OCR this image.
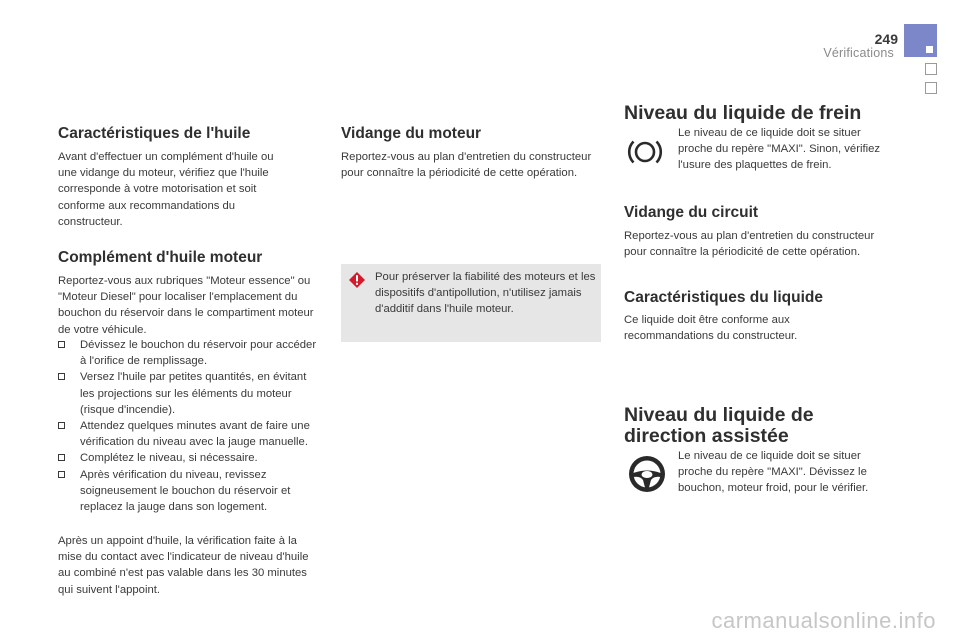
249
Vérifications
Caractéristiques de l'huile

Avant d'effectuer un complément d'huile ou une vidange du moteur, vérifiez que l'huile corresponde à votre motorisation et soit conforme aux recommandations du constructeur.

Complément d'huile moteur

Reportez-vous aux rubriques "Moteur essence" ou "Moteur Diesel" pour localiser l'emplacement du bouchon du réservoir dans le compartiment moteur de votre véhicule.

Dévissez le bouchon du réservoir pour accéder à l'orifice de remplissage.
Versez l'huile par petites quantités, en évitant les projections sur les éléments du moteur (risque d'incendie).
Attendez quelques minutes avant de faire une vérification du niveau avec la jauge manuelle.
Complétez le niveau, si nécessaire.
Après vérification du niveau, revissez soigneusement le bouchon du réservoir et replacez la jauge dans son logement.

Après un appoint d'huile, la vérification faite à la mise du contact avec l'indicateur de niveau d'huile au combiné n'est pas valable dans les 30 minutes qui suivent l'appoint.

Vidange du moteur

Reportez-vous au plan d'entretien du constructeur pour connaître la périodicité de cette opération.

Pour préserver la fiabilité des moteurs et les dispositifs d'antipollution, n'utilisez jamais d'additif dans l'huile moteur.

Niveau du liquide de frein

Le niveau de ce liquide doit se situer proche du repère "MAXI". Sinon, vérifiez l'usure des plaquettes de frein.

Vidange du circuit

Reportez-vous au plan d'entretien du constructeur pour connaître la périodicité de cette opération.

Caractéristiques du liquide

Ce liquide doit être conforme aux recommandations du constructeur.

Niveau du liquide de
direction assistée

Le niveau de ce liquide doit se situer proche du repère "MAXI". Dévissez le bouchon, moteur froid, pour le vérifier.

carmanualsonline.info
